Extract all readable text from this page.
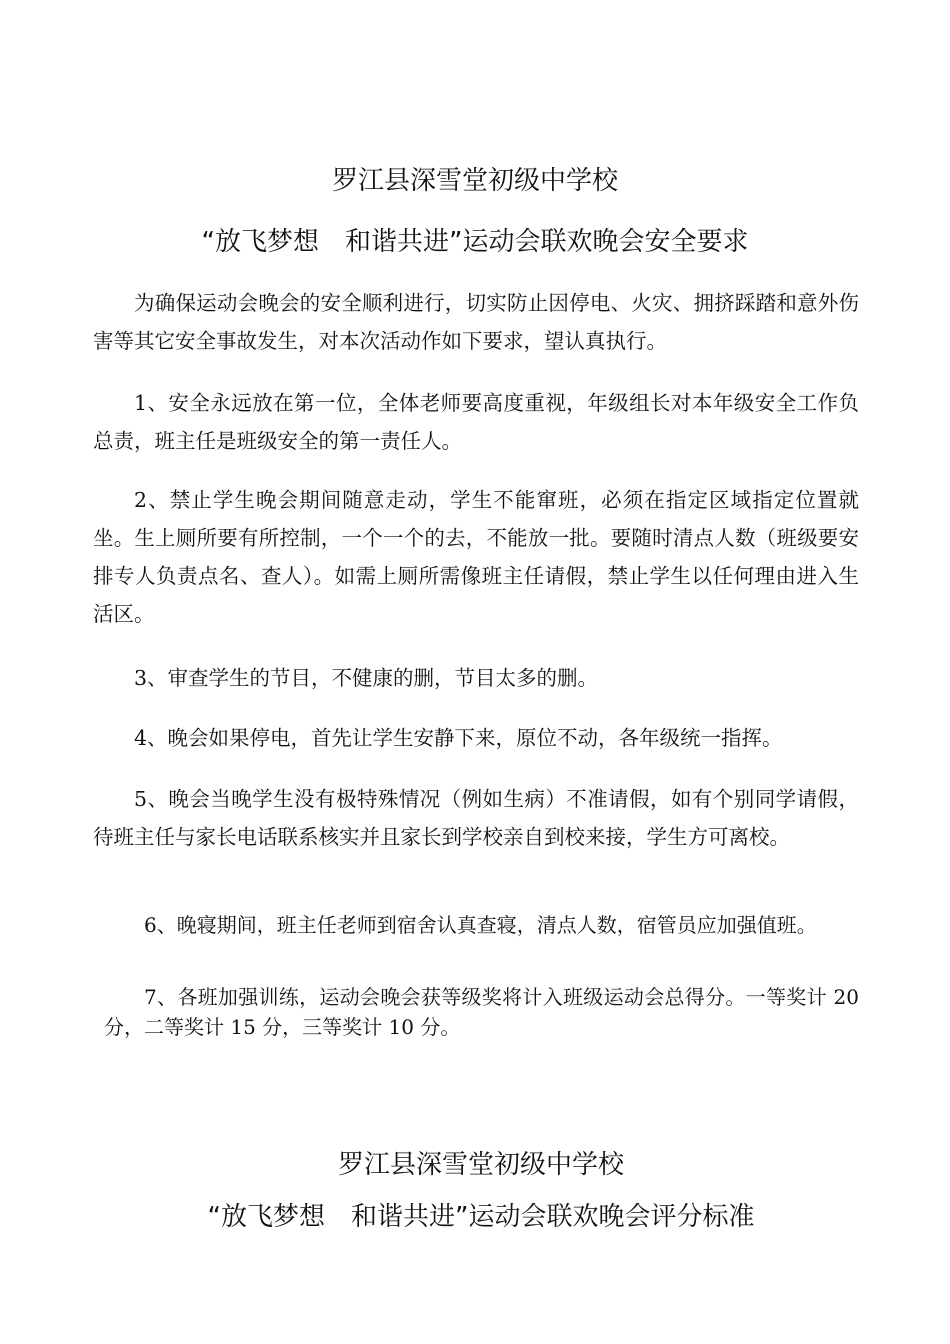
罗江县深雪堂初级中学校
“放飞梦想　和谐共进”运动会联欢晚会安全要求

为确保运动会晚会的安全顺利进行，切实防止因停电、火灾、拥挤踩踏和意外伤害等其它安全事故发生，对本次活动作如下要求，望认真执行。

1、安全永远放在第一位，全体老师要高度重视，年级组长对本年级安全工作负总责，班主任是班级安全的第一责任人。

2、禁止学生晚会期间随意走动，学生不能窜班，必须在指定区域指定位置就坐。生上厕所要有所控制，一个一个的去，不能放一批。要随时清点人数（班级要安排专人负责点名、查人）。如需上厕所需像班主任请假，禁止学生以任何理由进入生活区。

3、审查学生的节目，不健康的删，节目太多的删。

4、晚会如果停电，首先让学生安静下来，原位不动，各年级统一指挥。

5、晚会当晚学生没有极特殊情况（例如生病）不准请假，如有个别同学请假，待班主任与家长电话联系核实并且家长到学校亲自到校来接，学生方可离校。

6、晚寝期间，班主任老师到宿舍认真查寝，清点人数，宿管员应加强值班。

7、各班加强训练，运动会晚会获等级奖将计入班级运动会总得分。一等奖计 20 分，二等奖计 15 分，三等奖计 10 分。

罗江县深雪堂初级中学校
“放飞梦想　和谐共进”运动会联欢晚会评分标准
